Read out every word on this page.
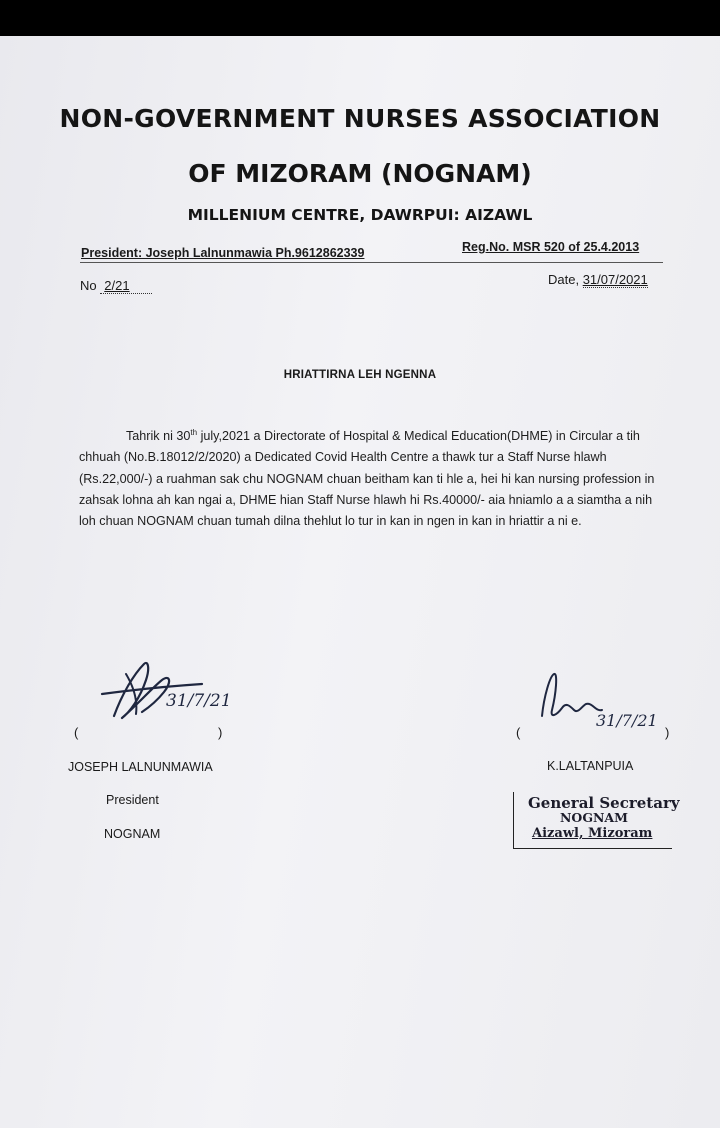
NON-GOVERNMENT NURSES ASSOCIATION
OF MIZORAM (NOGNAM)
MILLENIUM CENTRE, DAWRPUI: AIZAWL
President: Joseph Lalnunmawia Ph.9612862339	Reg.No. MSR 520 of 25.4.2013
No 2/21	Date, 31/07/2021
HRIATTIRNA LEH NGENNA
Tahrik ni 30th july,2021 a Directorate of Hospital & Medical Education(DHME) in Circular a tih chhuah (No.B.18012/2/2020) a Dedicated Covid Health Centre a thawk tur a Staff Nurse hlawh (Rs.22,000/-) a ruahman sak chu NOGNAM chuan beitham kan ti hle a, hei hi kan nursing profession in zahsak lohna ah kan ngai a, DHME hian Staff Nurse hlawh hi Rs.40000/- aia hniamlo a a siamtha a nih loh chuan NOGNAM chuan tumah dilna thehlut lo tur in kan in ngen in kan in hriattir a ni e.
31/7/21
(	)
JOSEPH LALNUNMAWIA
President
NOGNAM
31/7/21
(	)
K.LALTANPUIA
General Secretary
NOGNAM
Aizawl, Mizoram
